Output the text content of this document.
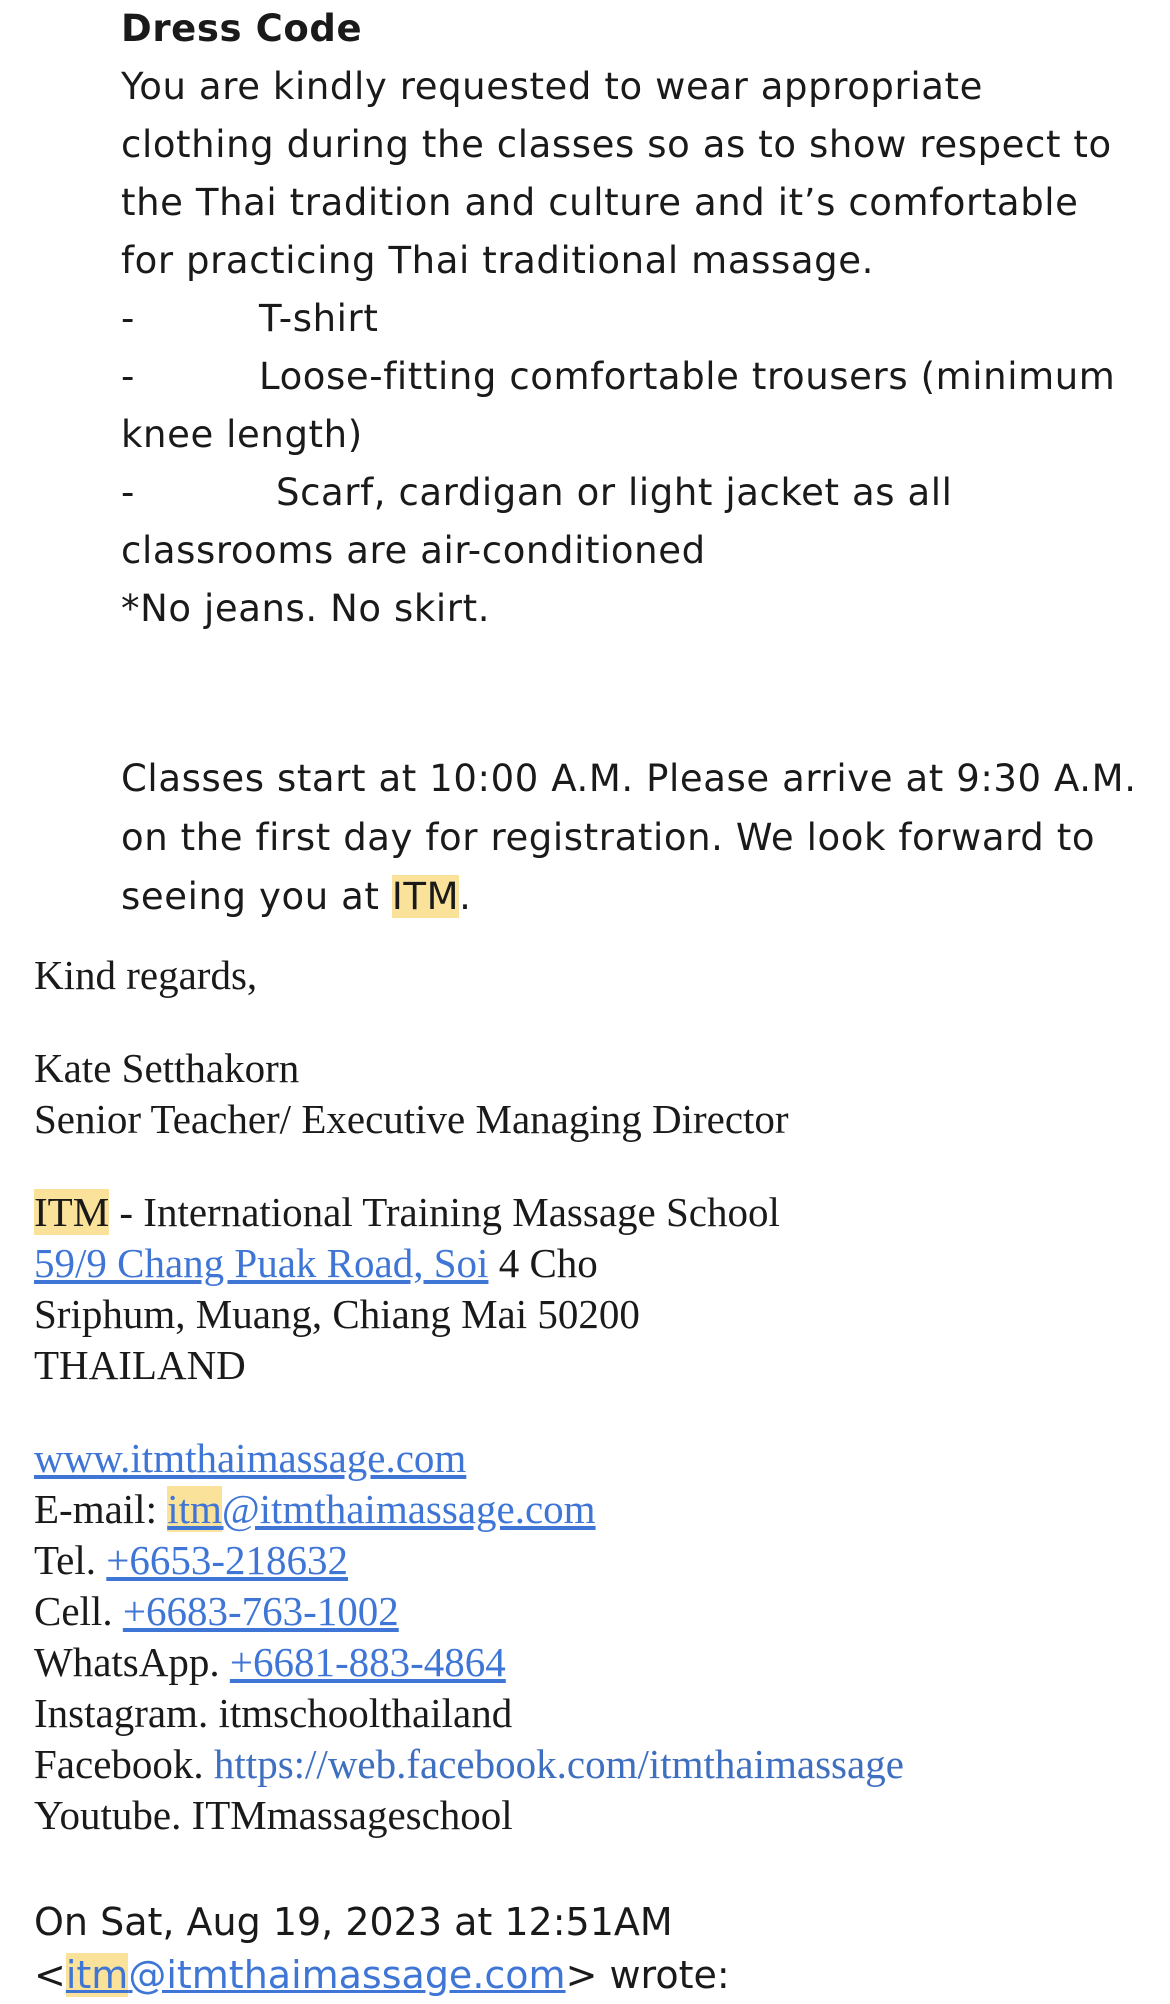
Dress Code
You are kindly requested to wear appropriate clothing during the classes so as to show respect to the Thai tradition and culture and it’s comfortable for practicing Thai traditional massage.
-	T-shirt
-	Loose-fitting comfortable trousers (minimum knee length)
-	Scarf, cardigan or light jacket as all classrooms are air-conditioned
*No jeans. No skirt.
Classes start at 10:00 A.M. Please arrive at 9:30 A.M. on the first day for registration. We look forward to seeing you at ITM.
Kind regards,
Kate Setthakorn
Senior Teacher/ Executive Managing Director
ITM - International Training Massage School
59/9 Chang Puak Road, Soi 4 Cho
Sriphum, Muang, Chiang Mai 50200
THAILAND
www.itmthaimassage.com
E-mail: itm@itmthaimassage.com
Tel. +6653-218632
Cell. +6683-763-1002
WhatsApp. +6681-883-4864
Instagram. itmschoolthailand
Facebook. https://web.facebook.com/itmthaimassage
Youtube. ITMmassageschool
On Sat, Aug 19, 2023 at 12:51AM
<itm@itmthaimassage.com> wrote:
